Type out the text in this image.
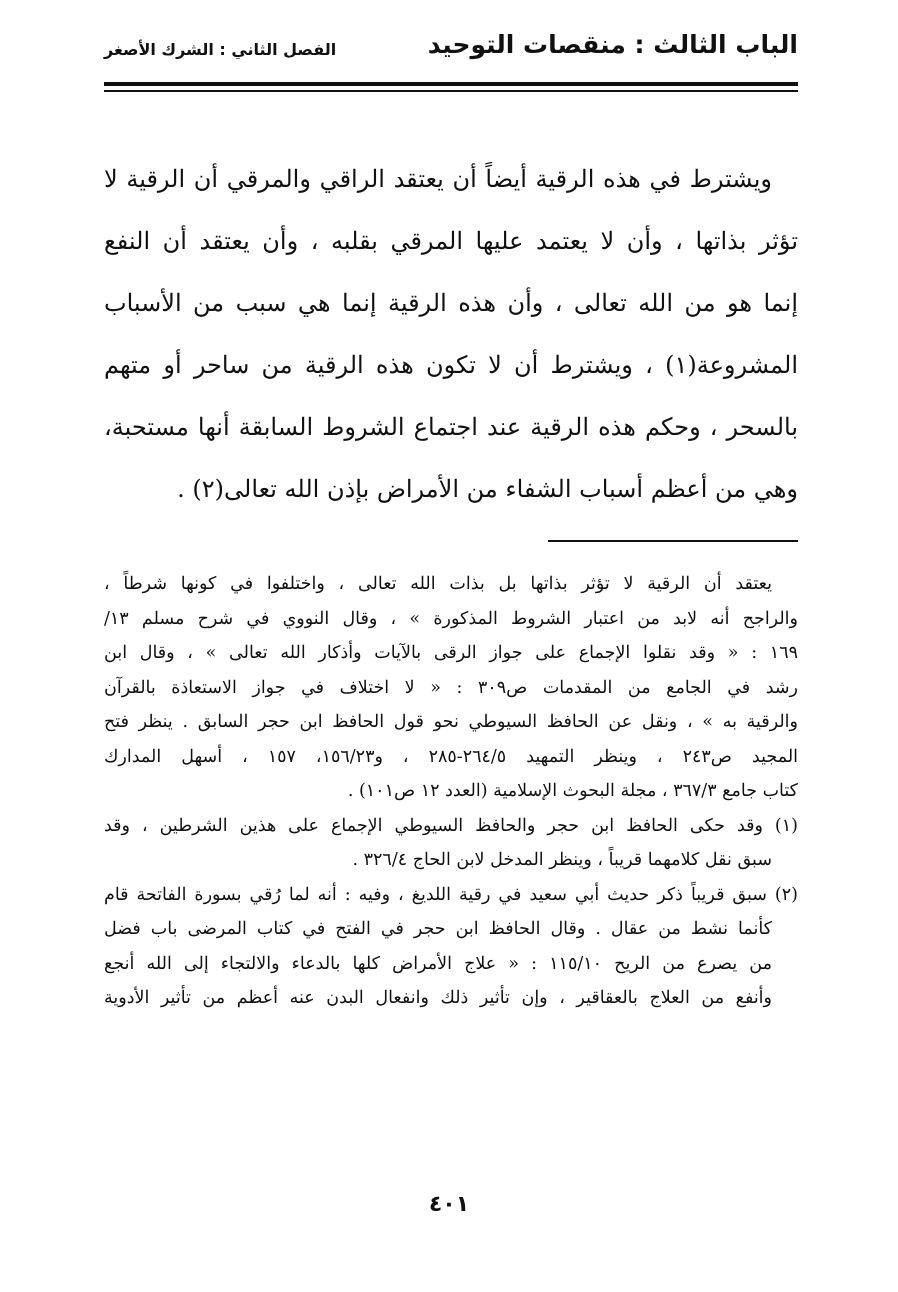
الباب الثالث : منقصات التوحيد
الفصل الثاني : الشرك الأصغر
ويشترط في هذه الرقية أيضاً أن يعتقد الراقي والمرقي أن الرقية لا
تؤثر بذاتها ، وأن لا يعتمد عليها المرقي بقلبه ، وأن يعتقد أن النفع
إنما هو من الله تعالى ، وأن هذه الرقية إنما هي سبب من الأسباب
المشروعة(١) ، ويشترط أن لا تكون هذه الرقية من ساحر أو متهم
بالسحر ، وحكم هذه الرقية عند اجتماع الشروط السابقة أنها مستحبة،
وهي من أعظم أسباب الشفاء من الأمراض بإذن الله تعالى(٢) .
يعتقد أن الرقية لا تؤثر بذاتها بل بذات الله تعالى ، واختلفوا في كونها شرطاً ،
والراجح أنه لابد من اعتبار الشروط المذكورة » ، وقال النووي في شرح مسلم ١٣/
١٦٩ : « وقد نقلوا الإجماع على جواز الرقى بالآيات وأذكار الله تعالى » ، وقال ابن
رشد في الجامع من المقدمات ص٣٠٩ : « لا اختلاف في جواز الاستعاذة بالقرآن
والرقية به » ، ونقل عن الحافظ السيوطي نحو قول الحافظ ابن حجر السابق . ينظر فتح
المجيد ص٢٤٣ ، وينظر التمهيد ٢٦٤/٥-٢٨٥ ، و١٥٦/٢٣، ١٥٧ ، أسهل المدارك
كتاب جامع ٣٦٧/٣ ، مجلة البحوث الإسلامية (العدد ١٢ ص١٠١) .
(١) وقد حكى الحافظ ابن حجر والحافظ السيوطي الإجماع على هذين الشرطين ، وقد
سبق نقل كلامهما قريباً ، وينظر المدخل لابن الحاج ٣٢٦/٤ .
(٢) سبق قريباً ذكر حديث أبي سعيد في رقية اللديغ ، وفيه : أنه لما رُقي بسورة الفاتحة قام
كأنما نشط من عقال . وقال الحافظ ابن حجر في الفتح في كتاب المرضى باب فضل
من يصرع من الريح ١١٥/١٠ : « علاج الأمراض كلها بالدعاء والالتجاء إلى الله أنجع
وأنفع من العلاج بالعقاقير ، وإن تأثير ذلك وانفعال البدن عنه أعظم من تأثير الأدوية
٤٠١
